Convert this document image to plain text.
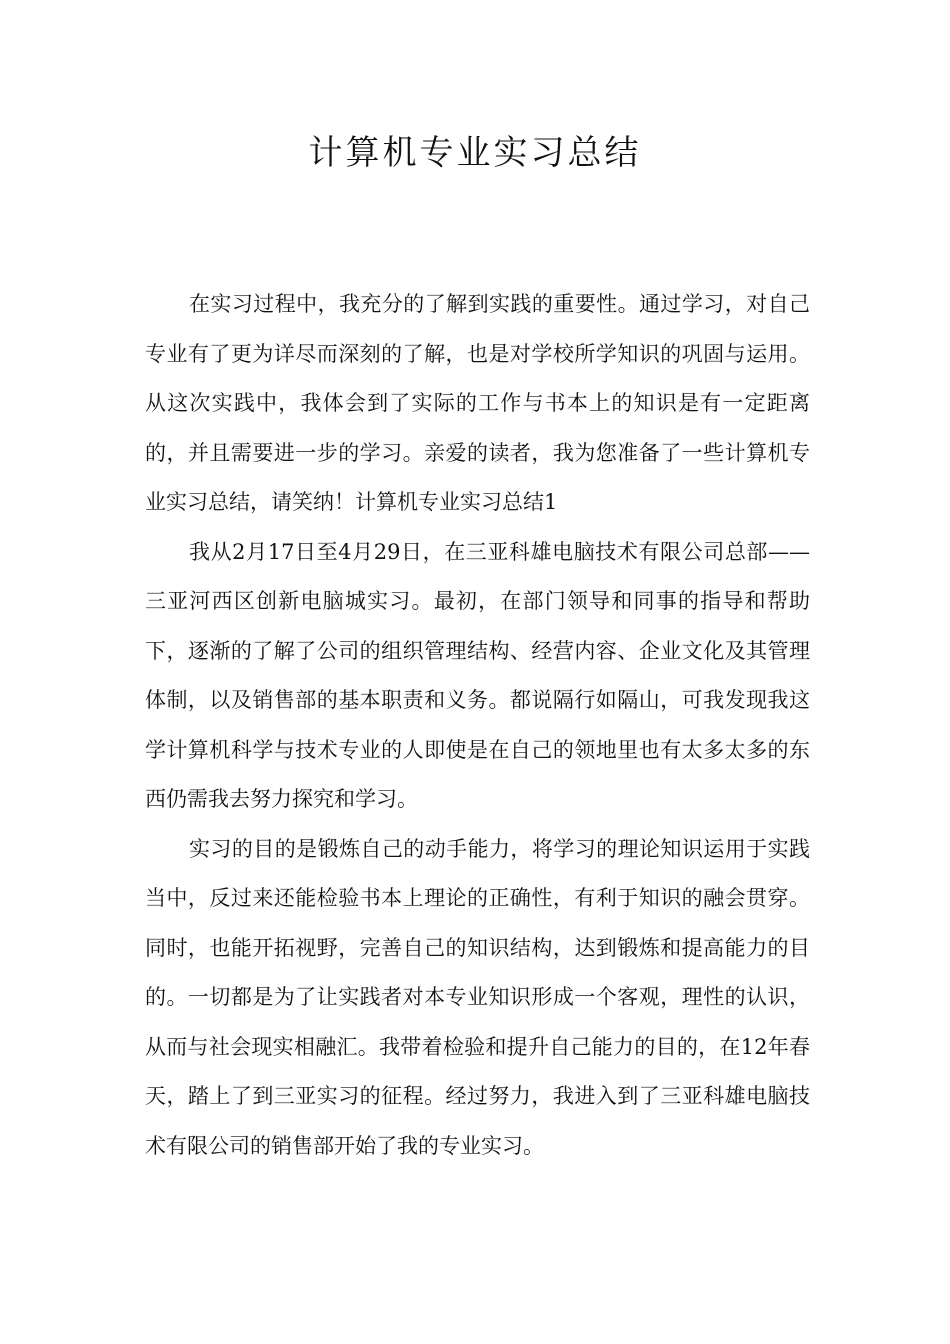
计算机专业实习总结

在实习过程中，我充分的了解到实践的重要性。通过学习，对自己专业有了更为详尽而深刻的了解，也是对学校所学知识的巩固与运用。从这次实践中，我体会到了实际的工作与书本上的知识是有一定距离的，并且需要进一步的学习。亲爱的读者，我为您准备了一些计算机专业实习总结，请笑纳！计算机专业实习总结1

我从2月17日至4月29日，在三亚科雄电脑技术有限公司总部——三亚河西区创新电脑城实习。最初，在部门领导和同事的指导和帮助下，逐渐的了解了公司的组织管理结构、经营内容、企业文化及其管理体制，以及销售部的基本职责和义务。都说隔行如隔山，可我发现我这学计算机科学与技术专业的人即使是在自己的领地里也有太多太多的东西仍需我去努力探究和学习。

实习的目的是锻炼自己的动手能力，将学习的理论知识运用于实践当中，反过来还能检验书本上理论的正确性，有利于知识的融会贯穿。同时，也能开拓视野，完善自己的知识结构，达到锻炼和提高能力的目的。一切都是为了让实践者对本专业知识形成一个客观，理性的认识，从而与社会现实相融汇。我带着检验和提升自己能力的目的，在12年春天，踏上了到三亚实习的征程。经过努力，我进入到了三亚科雄电脑技术有限公司的销售部开始了我的专业实习。
